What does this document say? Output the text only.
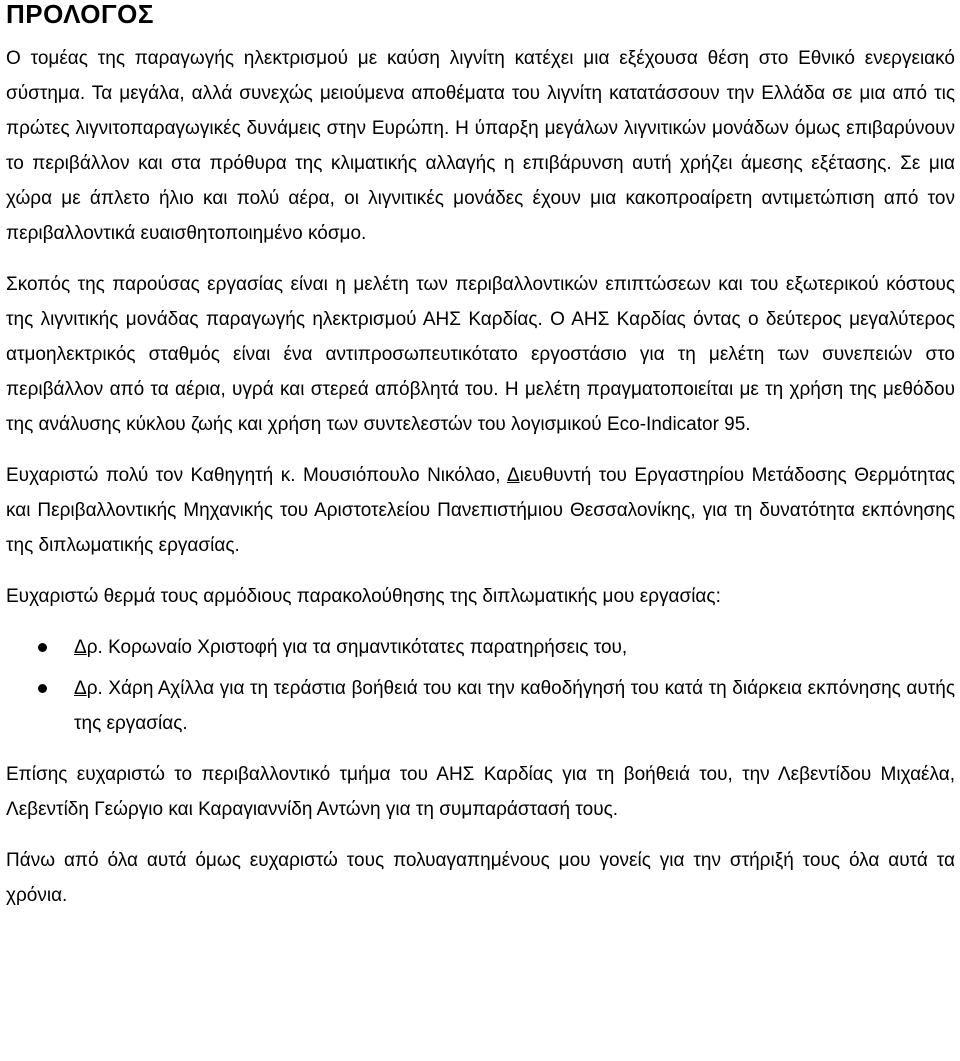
ΠΡΟΛΟΓΟΣ

Ο τομέας της παραγωγής ηλεκτρισμού με καύση λιγνίτη κατέχει μια εξέχουσα θέση στο Εθνικό ενεργειακό σύστημα. Τα μεγάλα, αλλά συνεχώς μειούμενα αποθέματα του λιγνίτη κατατάσσουν την Ελλάδα σε μια από τις πρώτες λιγνιτοπαραγωγικές δυνάμεις στην Ευρώπη. Η ύπαρξη μεγάλων λιγνιτικών μονάδων όμως επιβαρύνουν το περιβάλλον και στα πρόθυρα της κλιματικής αλλαγής η επιβάρυνση αυτή χρήζει άμεσης εξέτασης. Σε μια χώρα με άπλετο ήλιο και πολύ αέρα, οι λιγνιτικές μονάδες έχουν μια κακοπροαίρετη αντιμετώπιση από τον περιβαλλοντικά ευαισθητοποιημένο κόσμο.

Σκοπός της παρούσας εργασίας είναι η μελέτη των περιβαλλοντικών επιπτώσεων και του εξωτερικού κόστους της λιγνιτικής μονάδας παραγωγής ηλεκτρισμού ΑΗΣ Καρδίας. Ο ΑΗΣ Καρδίας όντας ο δεύτερος μεγαλύτερος ατμοηλεκτρικός σταθμός είναι ένα αντιπροσωπευτικότατο εργοστάσιο για τη μελέτη των συνεπειών στο περιβάλλον από τα αέρια, υγρά και στερεά απόβλητά του. Η μελέτη πραγματοποιείται με τη χρήση της μεθόδου της ανάλυσης κύκλου ζωής και χρήση των συντελεστών του λογισμικού Eco-Indicator 95.

Ευχαριστώ πολύ τον Καθηγητή κ. Μουσιόπουλο Νικόλαο, Διευθυντή του Εργαστηρίου Μετάδοσης Θερμότητας και Περιβαλλοντικής Μηχανικής του Αριστοτελείου Πανεπιστήμιου Θεσσαλονίκης, για τη δυνατότητα εκπόνησης της διπλωματικής εργασίας.

Ευχαριστώ θερμά τους αρμόδιους παρακολούθησης της διπλωματικής μου εργασίας:

Δρ. Κορωναίο Χριστοφή για τα σημαντικότατες παρατηρήσεις του,
Δρ. Χάρη Αχίλλα για τη τεράστια βοήθειά του και την καθοδήγησή του κατά τη διάρκεια εκπόνησης αυτής της εργασίας.

Επίσης ευχαριστώ το περιβαλλοντικό τμήμα του ΑΗΣ Καρδίας για τη βοήθειά του, την Λεβεντίδου Μιχαέλα, Λεβεντίδη Γεώργιο και Καραγιαννίδη Αντώνη για τη συμπαράστασή τους.

Πάνω από όλα αυτά όμως ευχαριστώ τους πολυαγαπημένους μου γονείς για την στήριξή τους όλα αυτά τα χρόνια.
